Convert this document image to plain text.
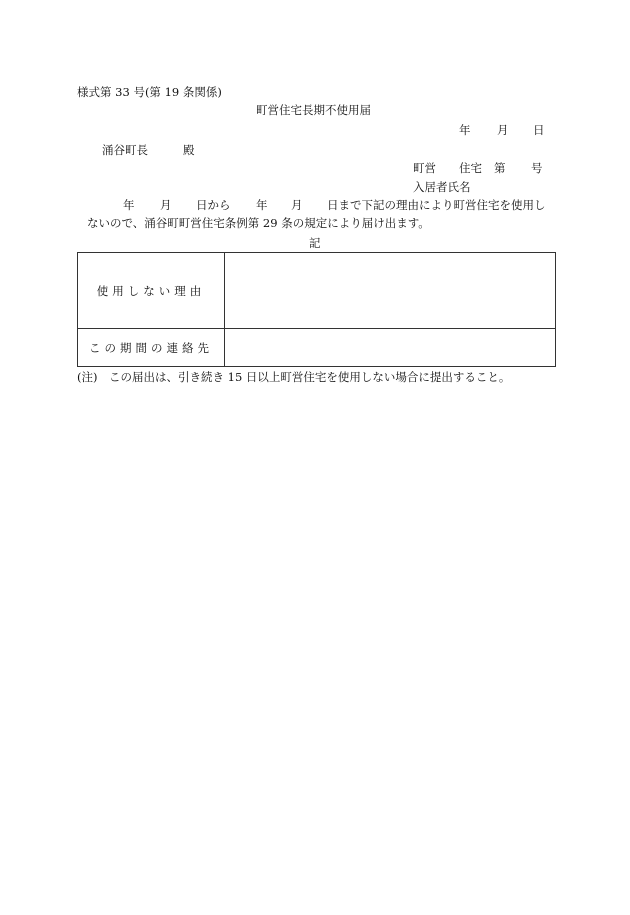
様式第 33 号(第 19 条関係)
町営住宅長期不使用届
年 月 日
涌谷町長	殿
町営 住宅 第 号
入居者氏名
年 月 日から 年 月 日まで下記の理由により町営住宅を使用し
ないので、涌谷町町営住宅条例第 29 条の規定により届け出ます。
記
使用しない理由	
この期間の連絡先	
(注)　この届出は、引き続き 15 日以上町営住宅を使用しない場合に提出すること。
